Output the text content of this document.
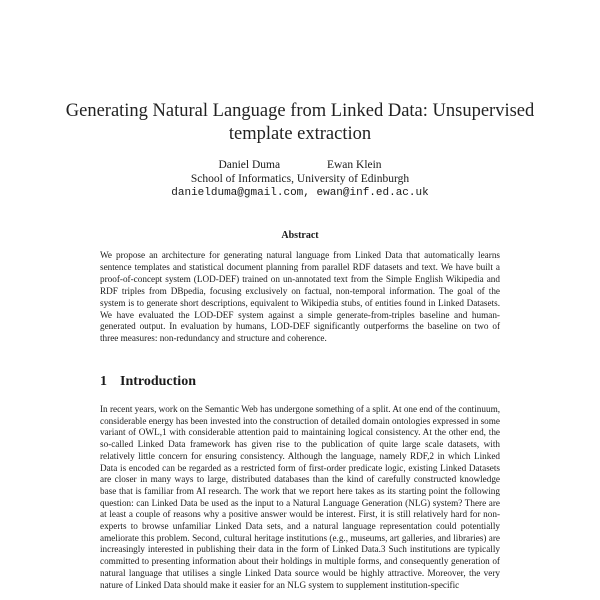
Generating Natural Language from Linked Data: Unsupervised template extraction
Daniel Duma	Ewan Klein
School of Informatics, University of Edinburgh
danielduma@gmail.com, ewan@inf.ed.ac.uk
Abstract

We propose an architecture for generating natural language from Linked Data that automatically learns sentence templates and statistical document planning from parallel RDF datasets and text. We have built a proof-of-concept system (LOD-DEF) trained on un-annotated text from the Simple English Wikipedia and RDF triples from DBpedia, focusing exclusively on factual, non-temporal information. The goal of the system is to generate short descriptions, equivalent to Wikipedia stubs, of entities found in Linked Datasets. We have evaluated the LOD-DEF system against a simple generate-from-triples baseline and human-generated output. In evaluation by humans, LOD-DEF significantly outperforms the baseline on two of three measures: non-redundancy and structure and coherence.

1 Introduction

In recent years, work on the Semantic Web has undergone something of a split. At one end of the continuum, considerable energy has been invested into the construction of detailed domain ontologies expressed in some variant of OWL,1 with considerable attention paid to maintaining logical consistency. At the other end, the so-called Linked Data framework has given rise to the publication of quite large scale datasets, with relatively little concern for ensuring consistency. Although the language, namely RDF,2 in which Linked Data is encoded can be regarded as a restricted form of first-order predicate logic, existing Linked Datasets are closer in many ways to large, distributed databases than the kind of carefully constructed knowledge base that is familiar from AI research. The work that we report here takes as its starting point the following question: can Linked Data be used as the input to a Natural Language Generation (NLG) system? There are at least a couple of reasons why a positive answer would be interest. First, it is still relatively hard for non-experts to browse unfamiliar Linked Data sets, and a natural language representation could potentially ameliorate this problem. Second, cultural heritage institutions (e.g., museums, art galleries, and libraries) are increasingly interested in publishing their data in the form of Linked Data.3 Such institutions are typically committed to presenting information about their holdings in multiple forms, and consequently generation of natural language that utilises a single Linked Data source would be highly attractive. Moreover, the very nature of Linked Data should make it easier for an NLG system to supplement institution-specific
